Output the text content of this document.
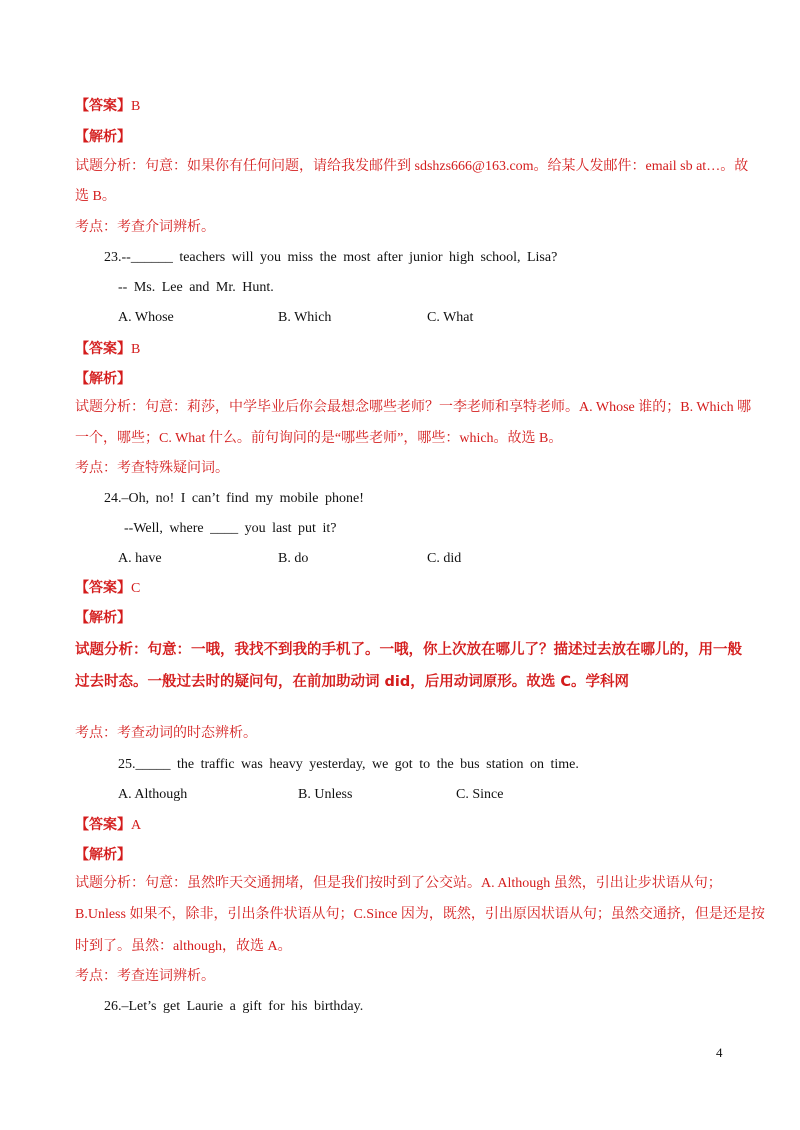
【答案】B
【解析】
试题分析：句意：如果你有任何问题，请给我发邮件到 sdshzs666@163.com。给某人发邮件：email sb at…。故
选 B。
考点：考查介词辨析。
23.--______ teachers will you miss the most after junior high school, Lisa?
-- Ms. Lee and Mr. Hunt.
A. Whose	B. Which	C. What
【答案】B
【解析】
试题分析：句意：莉莎，中学毕业后你会最想念哪些老师？一李老师和享特老师。A. Whose 谁的；B. Which 哪
一个，哪些；C. What 什么。前句询问的是“哪些老师”，哪些：which。故选 B。
考点：考查特殊疑问词。
24.–Oh, no! I can’t find my mobile phone!
--Well, where ____ you last put it?
A. have	B. do	C. did
【答案】C
【解析】
试题分析：句意：一哦，我找不到我的手机了。一哦，你上次放在哪儿了？描述过去放在哪儿的，用一般
过去时态。一般过去时的疑问句，在前加助动词 did，后用动词原形。故选 C。学科网
考点：考查动词的时态辨析。
25._____ the traffic was heavy yesterday, we got to the bus station on time.
A. Although	B. Unless	C. Since
【答案】A
【解析】
试题分析：句意：虽然昨天交通拥堵，但是我们按时到了公交站。A. Although 虽然，引出让步状语从句；
B.Unless 如果不，除非，引出条件状语从句；C.Since 因为，既然，引出原因状语从句；虽然交通挤，但是还是按
时到了。虽然：although，故选 A。
考点：考查连词辨析。
26.–Let’s get Laurie a gift for his birthday.
4
